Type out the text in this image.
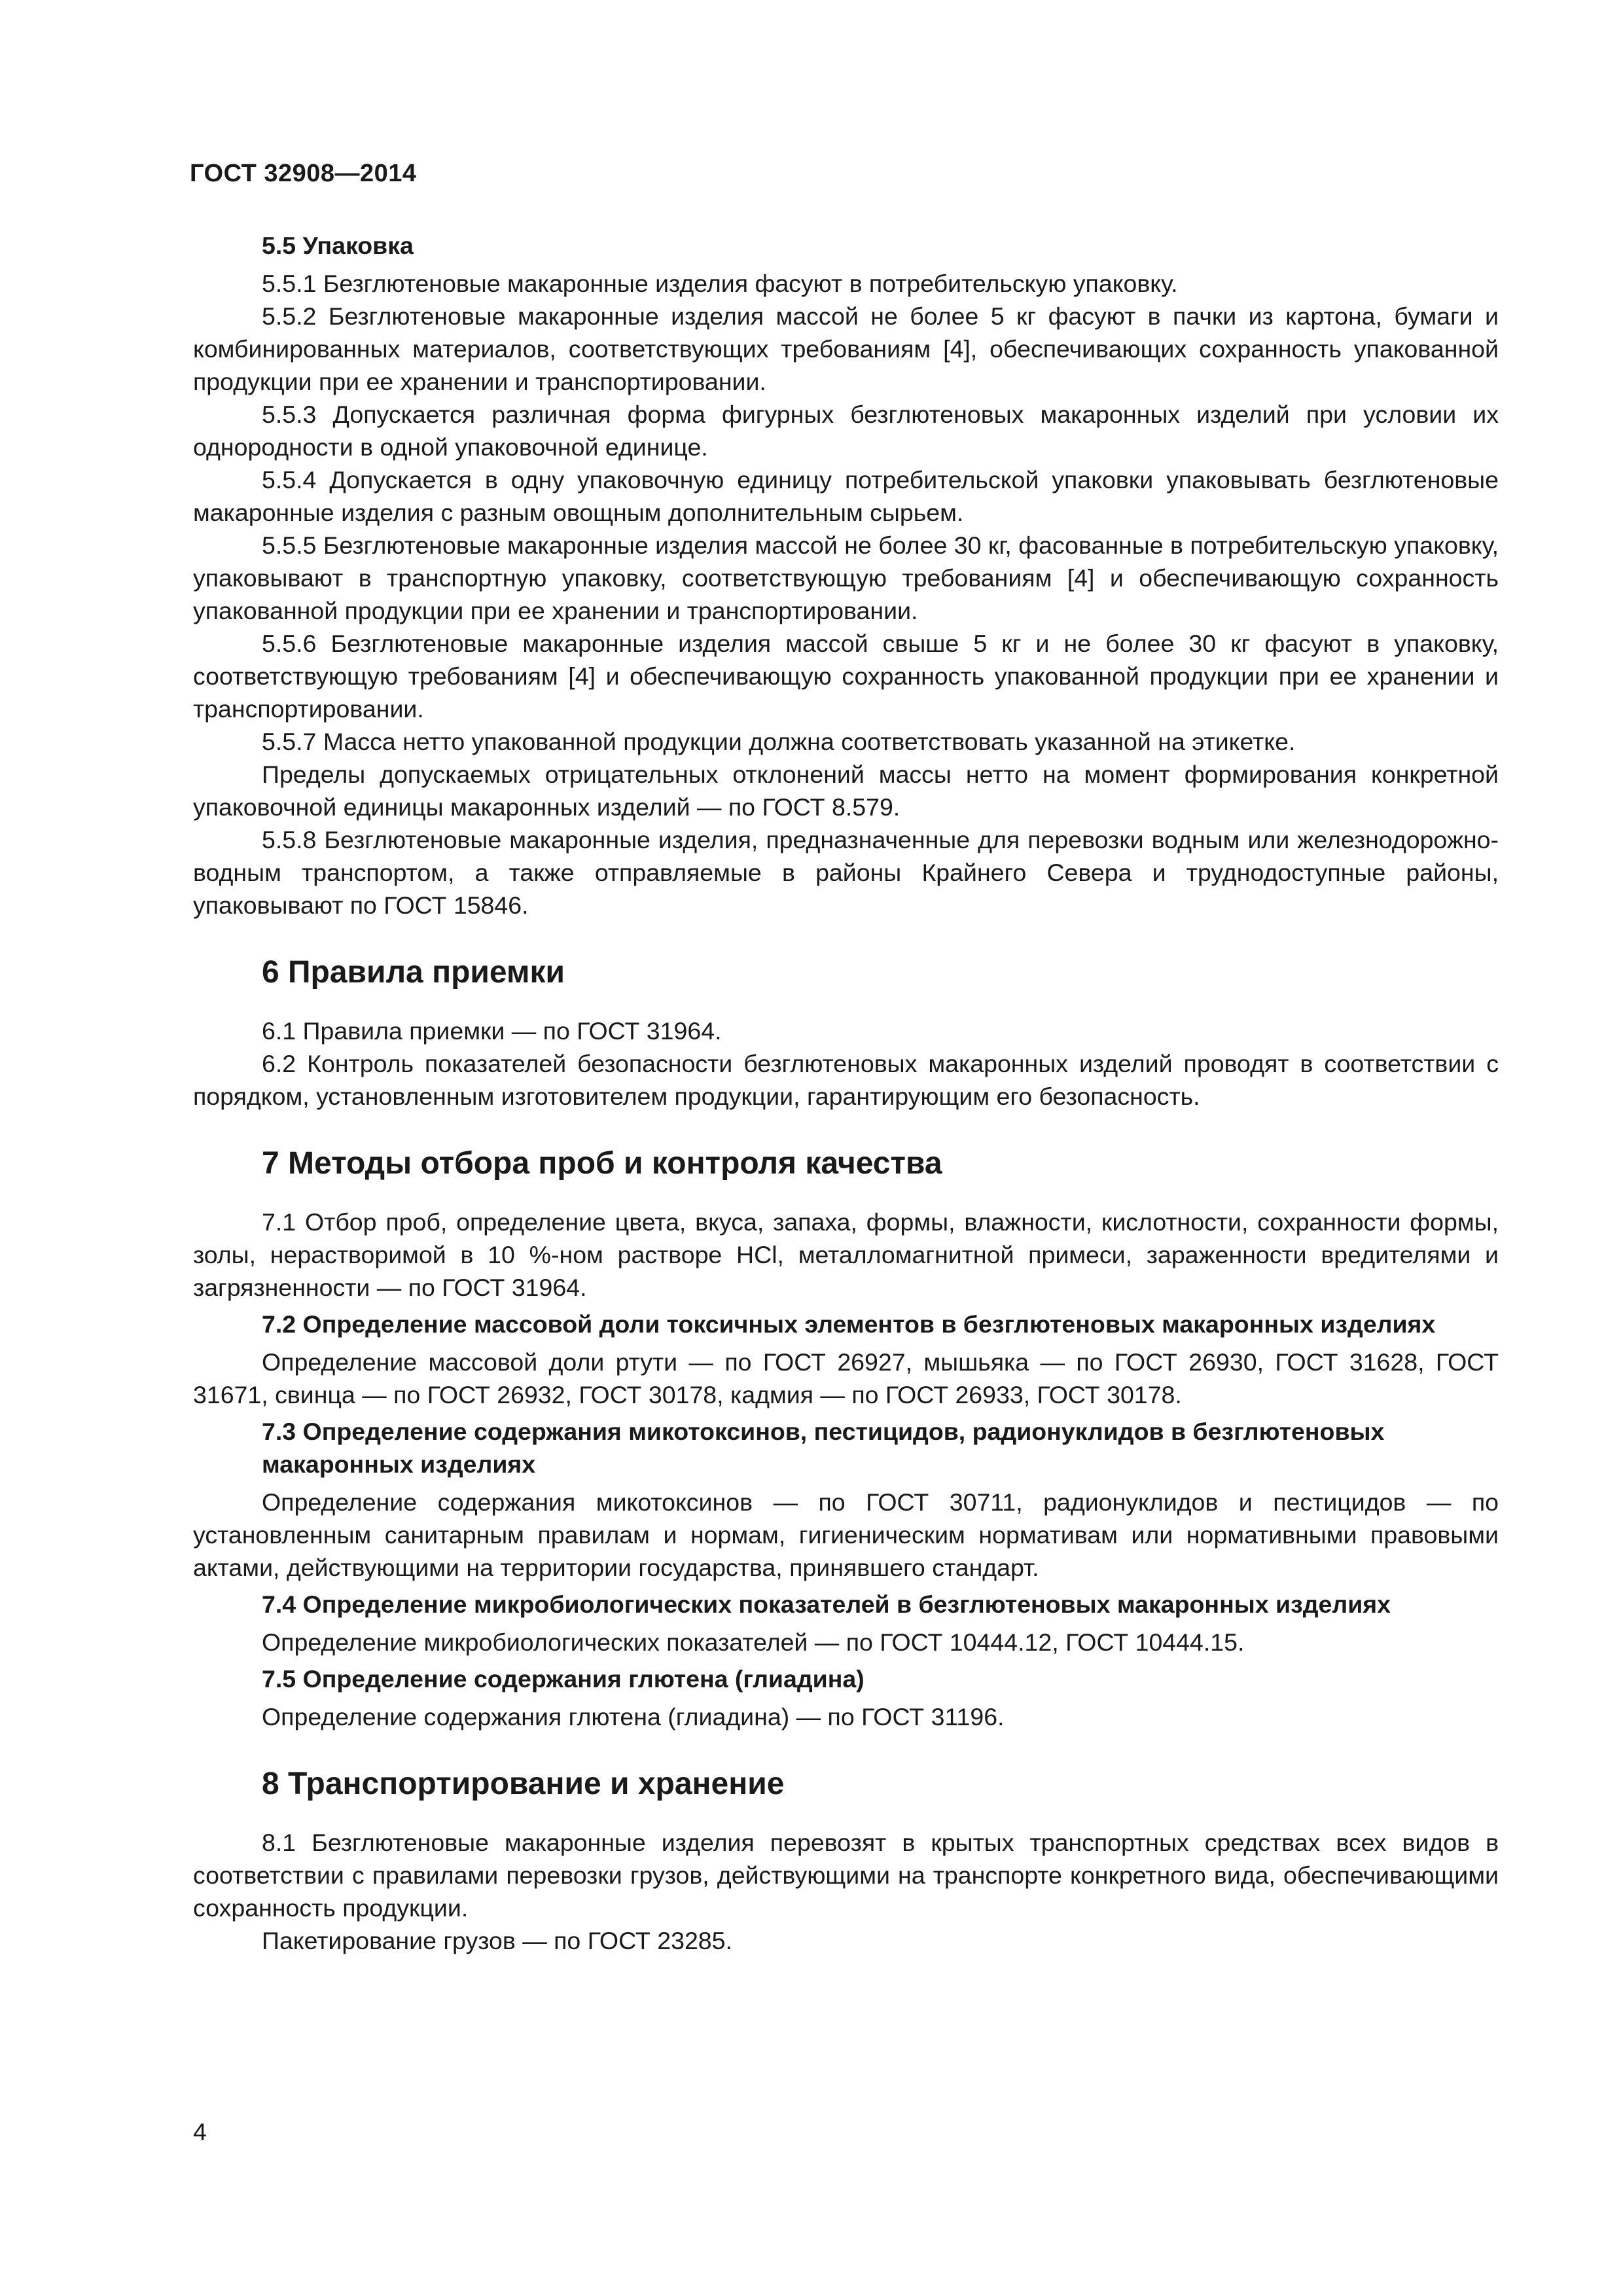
ГОСТ 32908—2014
5.5 Упаковка

5.5.1 Безглютеновые макаронные изделия фасуют в потребительскую упаковку.

5.5.2 Безглютеновые макаронные изделия массой не более 5 кг фасуют в пачки из картона, бумаги и комбинированных материалов, соответствующих требованиям [4], обеспечивающих сохранность упакованной продукции при ее хранении и транспортировании.

5.5.3 Допускается различная форма фигурных безглютеновых макаронных изделий при условии их однородности в одной упаковочной единице.

5.5.4 Допускается в одну упаковочную единицу потребительской упаковки упаковывать безглютеновые макаронные изделия с разным овощным дополнительным сырьем.

5.5.5 Безглютеновые макаронные изделия массой не более 30 кг, фасованные в потребительскую упаковку, упаковывают в транспортную упаковку, соответствующую требованиям [4] и обеспечивающую сохранность упакованной продукции при ее хранении и транспортировании.

5.5.6 Безглютеновые макаронные изделия массой свыше 5 кг и не более 30 кг фасуют в упаковку, соответствующую требованиям [4] и обеспечивающую сохранность упакованной продукции при ее хранении и транспортировании.

5.5.7 Масса нетто упакованной продукции должна соответствовать указанной на этикетке.

Пределы допускаемых отрицательных отклонений массы нетто на момент формирования конкретной упаковочной единицы макаронных изделий — по ГОСТ 8.579.

5.5.8 Безглютеновые макаронные изделия, предназначенные для перевозки водным или железнодорожно-водным транспортом, а также отправляемые в районы Крайнего Севера и труднодоступные районы, упаковывают по ГОСТ 15846.

6 Правила приемки

6.1 Правила приемки — по ГОСТ 31964.

6.2 Контроль показателей безопасности безглютеновых макаронных изделий проводят в соответствии с порядком, установленным изготовителем продукции, гарантирующим его безопасность.

7 Методы отбора проб и контроля качества

7.1 Отбор проб, определение цвета, вкуса, запаха, формы, влажности, кислотности, сохранности формы, золы, нерастворимой в 10 %-ном растворе HCl, металломагнитной примеси, зараженности вредителями и загрязненности — по ГОСТ 31964.

7.2 Определение массовой доли токсичных элементов в безглютеновых макаронных изделиях

Определение массовой доли ртути — по ГОСТ 26927, мышьяка — по ГОСТ 26930, ГОСТ 31628, ГОСТ 31671, свинца — по ГОСТ 26932, ГОСТ 30178, кадмия — по ГОСТ 26933, ГОСТ 30178.

7.3 Определение содержания микотоксинов, пестицидов, радионуклидов в безглютеновых макаронных изделиях

Определение содержания микотоксинов — по ГОСТ 30711, радионуклидов и пестицидов — по установленным санитарным правилам и нормам, гигиеническим нормативам или нормативными правовыми актами, действующими на территории государства, принявшего стандарт.

7.4 Определение микробиологических показателей в безглютеновых макаронных изделиях

Определение микробиологических показателей — по ГОСТ 10444.12, ГОСТ 10444.15.

7.5 Определение содержания глютена (глиадина)

Определение содержания глютена (глиадина) — по ГОСТ 31196.

8 Транспортирование и хранение

8.1 Безглютеновые макаронные изделия перевозят в крытых транспортных средствах всех видов в соответствии с правилами перевозки грузов, действующими на транспорте конкретного вида, обеспечивающими сохранность продукции.

Пакетирование грузов — по ГОСТ 23285.

4
